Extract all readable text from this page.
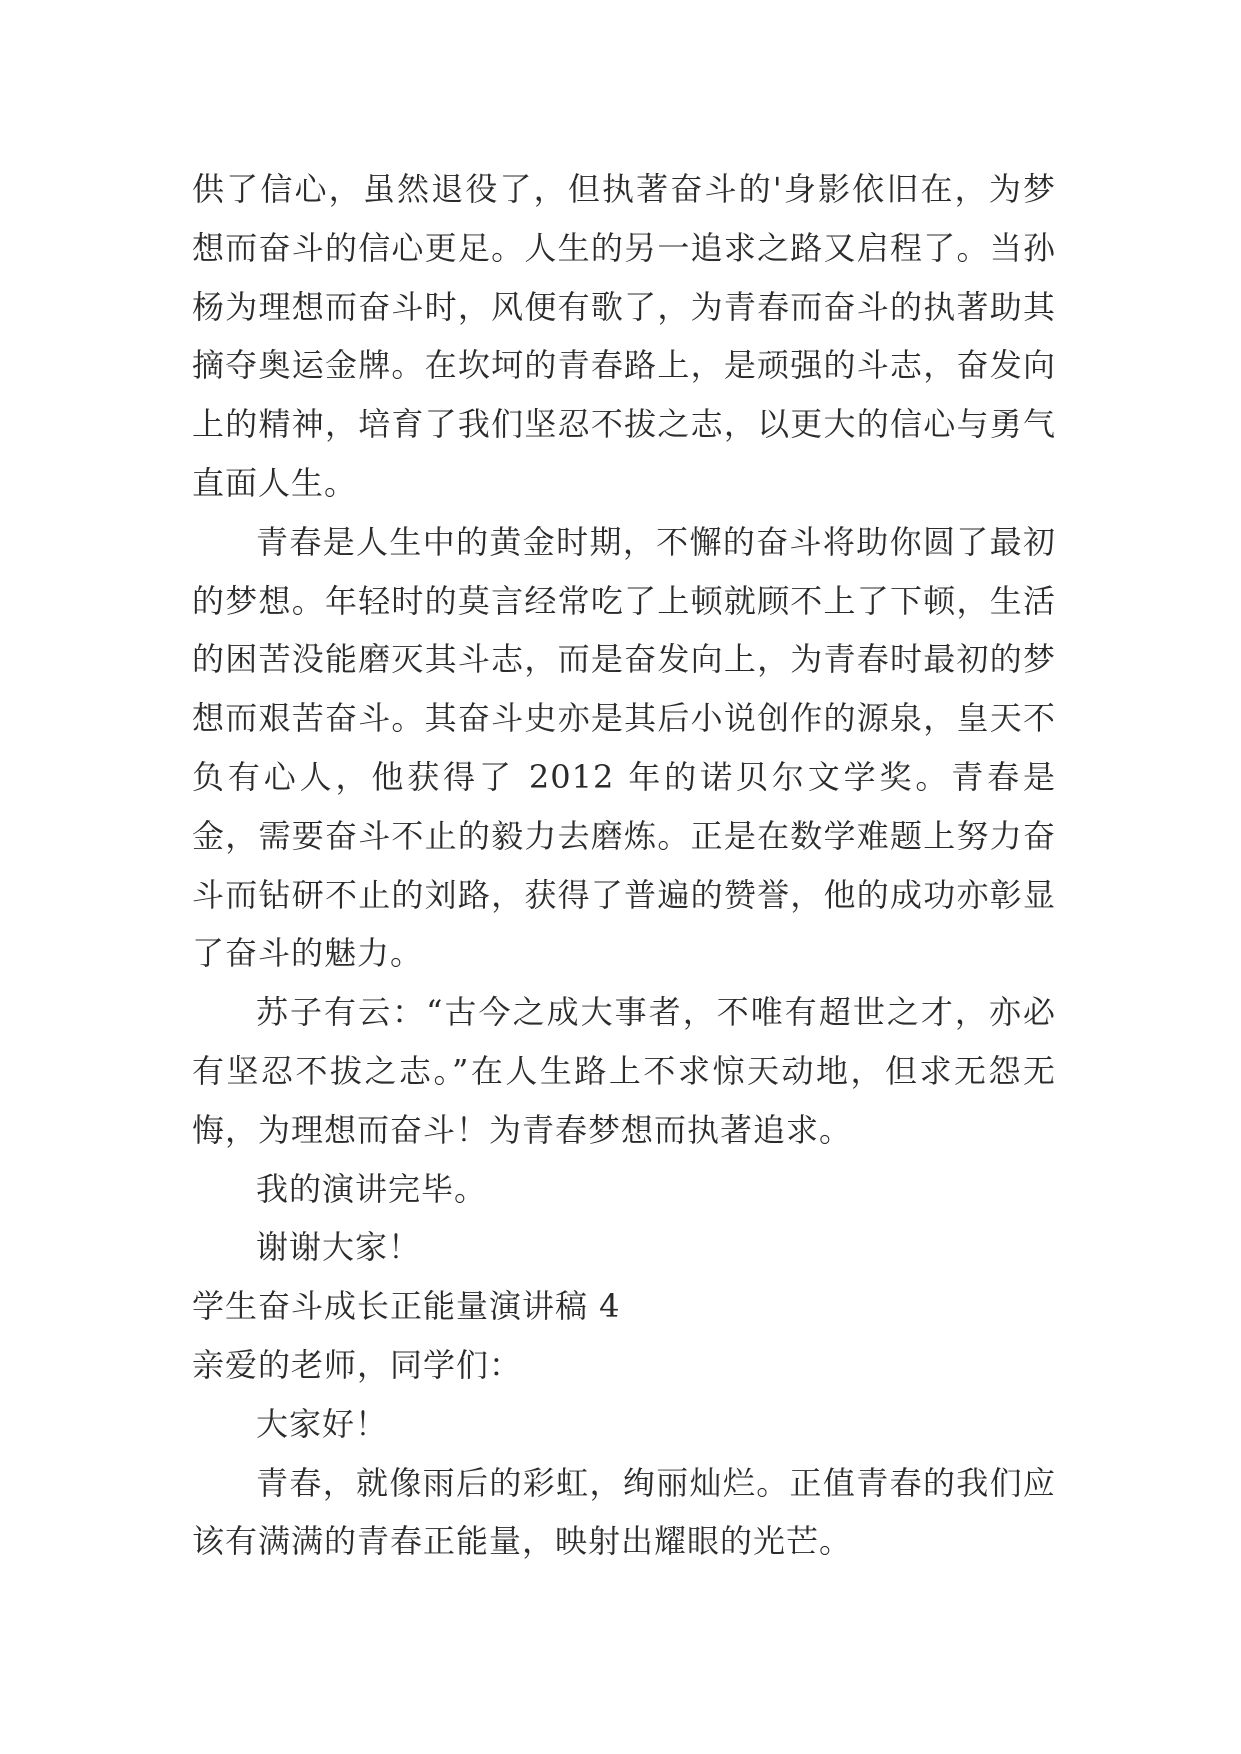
供了信心，虽然退役了，但执著奋斗的'身影依旧在，为梦想而奋斗的信心更足。人生的另一追求之路又启程了。当孙杨为理想而奋斗时，风便有歌了，为青春而奋斗的执著助其摘夺奥运金牌。在坎坷的青春路上，是顽强的斗志，奋发向上的精神，培育了我们坚忍不拔之志，以更大的信心与勇气直面人生。

青春是人生中的黄金时期，不懈的奋斗将助你圆了最初的梦想。年轻时的莫言经常吃了上顿就顾不上了下顿，生活的困苦没能磨灭其斗志，而是奋发向上，为青春时最初的梦想而艰苦奋斗。其奋斗史亦是其后小说创作的源泉，皇天不负有心人，他获得了 2012 年的诺贝尔文学奖。青春是金，需要奋斗不止的毅力去磨炼。正是在数学难题上努力奋斗而钻研不止的刘路，获得了普遍的赞誉，他的成功亦彰显了奋斗的魅力。

苏子有云：“古今之成大事者，不唯有超世之才，亦必有坚忍不拔之志。”在人生路上不求惊天动地，但求无怨无悔，为理想而奋斗！为青春梦想而执著追求。

我的演讲完毕。

谢谢大家！

学生奋斗成长正能量演讲稿 4

亲爱的老师，同学们：

大家好！

青春，就像雨后的彩虹，绚丽灿烂。正值青春的我们应该有满满的青春正能量，映射出耀眼的光芒。
